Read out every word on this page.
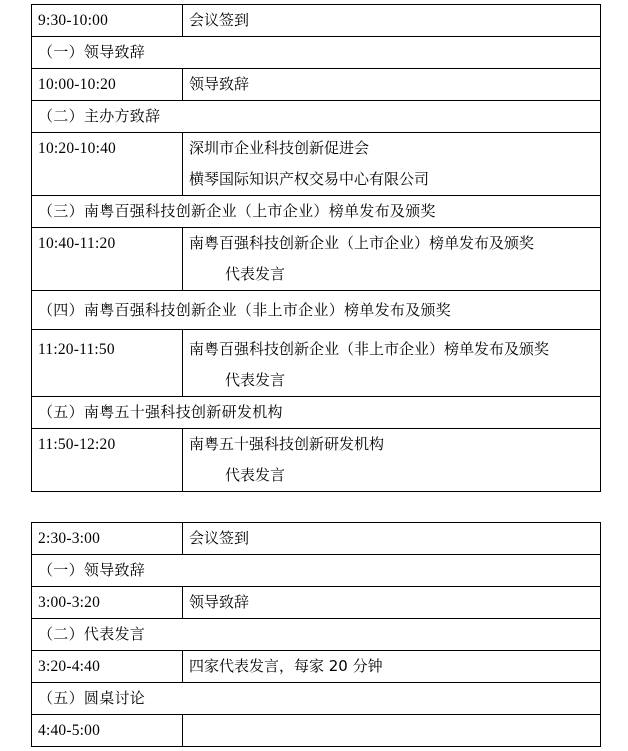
9:30-10:00	会议签到

（一）领导致辞	
10:00-10:20	领导致辞

（二）主办方致辞	
10:20-10:40	深圳市企业科技创新促进会
横琴国际知识产权交易中心有限公司

（三）南粤百强科技创新企业（上市企业）榜单发布及颁奖	
10:40-11:20	南粤百强科技创新企业（上市企业）榜单发布及颁奖
代表发言

（四）南粤百强科技创新企业（非上市企业）榜单发布及颁奖	
11:20-11:50	南粤百强科技创新企业（非上市企业）榜单发布及颁奖
代表发言

（五）南粤五十强科技创新研发机构	
11:50-12:20	南粤五十强科技创新研发机构
代表发言
2:30-3:00	会议签到

（一）领导致辞	
3:00-3:20	领导致辞

（二）代表发言	
3:20-4:40	四家代表发言，每家 20 分钟

（五）圆桌讨论	
4:40-5:00	
